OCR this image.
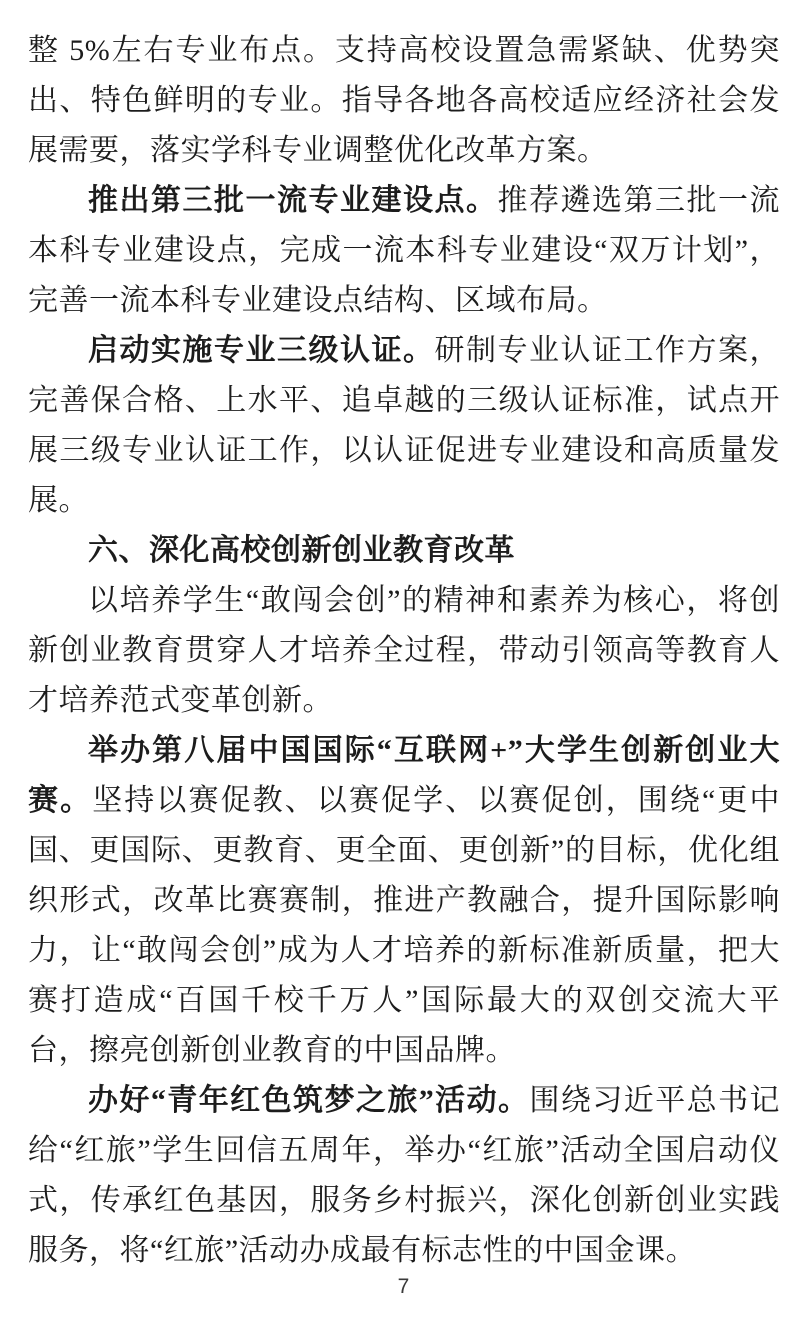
整 5%左右专业布点。支持高校设置急需紧缺、优势突出、特色鲜明的专业。指导各地各高校适应经济社会发展需要，落实学科专业调整优化改革方案。

推出第三批一流专业建设点。推荐遴选第三批一流本科专业建设点，完成一流本科专业建设“双万计划”，完善一流本科专业建设点结构、区域布局。

启动实施专业三级认证。研制专业认证工作方案，完善保合格、上水平、追卓越的三级认证标准，试点开展三级专业认证工作，以认证促进专业建设和高质量发展。

六、深化高校创新创业教育改革

以培养学生“敢闯会创”的精神和素养为核心，将创新创业教育贯穿人才培养全过程，带动引领高等教育人才培养范式变革创新。

举办第八届中国国际“互联网+”大学生创新创业大赛。坚持以赛促教、以赛促学、以赛促创，围绕“更中国、更国际、更教育、更全面、更创新”的目标，优化组织形式，改革比赛赛制，推进产教融合，提升国际影响力，让“敢闯会创”成为人才培养的新标准新质量，把大赛打造成“百国千校千万人”国际最大的双创交流大平台，擦亮创新创业教育的中国品牌。

办好“青年红色筑梦之旅”活动。围绕习近平总书记给“红旅”学生回信五周年，举办“红旅”活动全国启动仪式，传承红色基因，服务乡村振兴，深化创新创业实践服务，将“红旅”活动办成最有标志性的中国金课。

7
